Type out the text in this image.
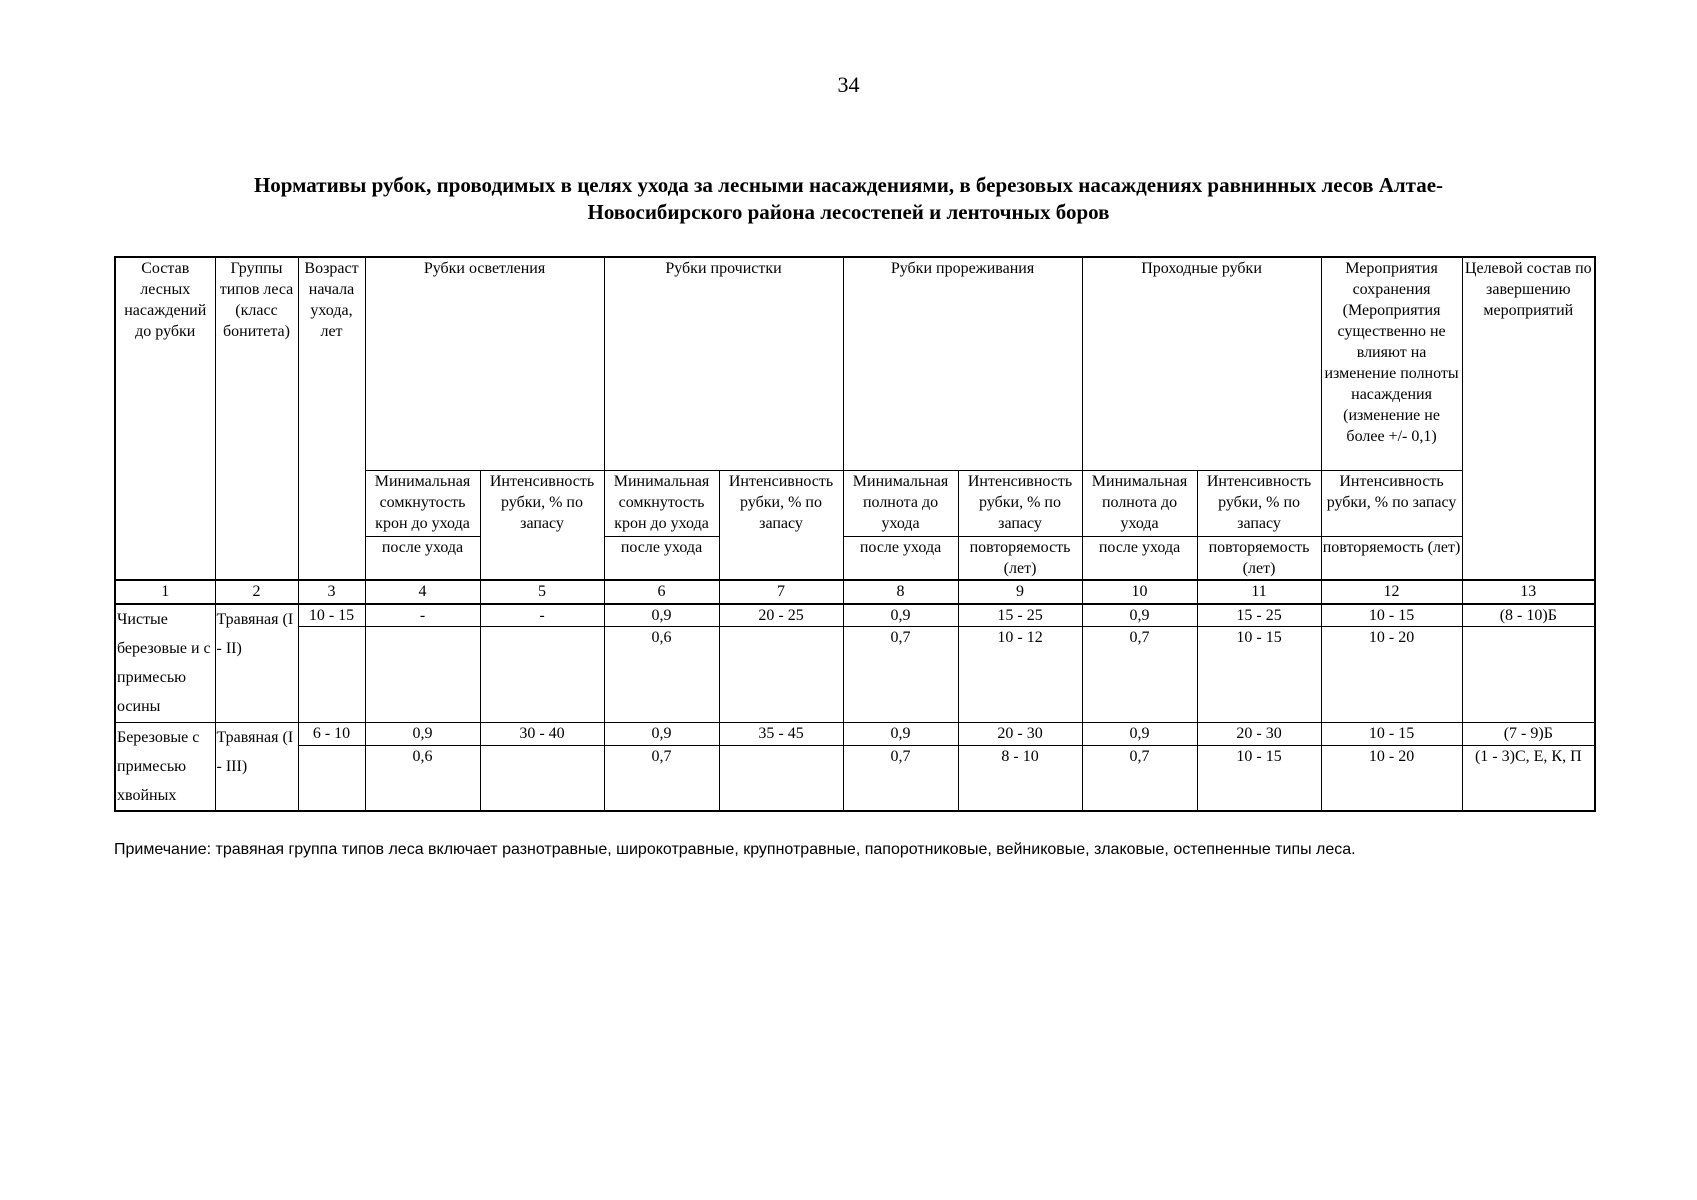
34
Нормативы рубок, проводимых в целях ухода за лесными насаждениями, в березовых насаждениях равнинных лесов Алтае-
Новосибирского района лесостепей и ленточных боров
Состав лесных насаждений до рубки	Группы типов леса (класс бонитета)	Возраст начала ухода, лет	Рубки осветления		Рубки прочистки		Рубки прореживания		Проходные рубки		Мероприятия сохранения (Мероприятия существенно не влияют на изменение полноты насаждения (изменение не более +/- 0,1)	Целевой состав по завершению мероприятий
			Минимальная сомкнутость крон до ухода	Интенсивность рубки, % по запасу	Минимальная сомкнутость крон до ухода	Интенсивность рубки, % по запасу	Минимальная полнота до ухода	Интенсивность рубки, % по запасу	Минимальная полнота до ухода	Интенсивность рубки, % по запасу	Интенсивность рубки, % по запасу	
			после ухода		после ухода		после ухода	повторяемость (лет)	после ухода	повторяемость (лет)	повторяемость (лет)	
1	2	3	4	5	6	7	8	9	10	11	12	13
Чистые березовые и с примесью осины	Травяная (I - II)	10 - 15	-	-	0,9	20 - 25	0,9	15 - 25	0,9	15 - 25	10 - 15	(8 - 10)Б
					0,6		0,7	10 - 12	0,7	10 - 15	10 - 20	
Березовые с примесью хвойных	Травяная (I - III)	6 - 10	0,9	30 - 40	0,9	35 - 45	0,9	20 - 30	0,9	20 - 30	10 - 15	(7 - 9)Б
			0,6		0,7		0,7	8 - 10	0,7	10 - 15	10 - 20	(1 - 3)С, Е, К, П
Примечание: травяная группа типов леса включает разнотравные, широкотравные, крупнотравные, папоротниковые, вейниковые, злаковые, остепненные типы леса.
